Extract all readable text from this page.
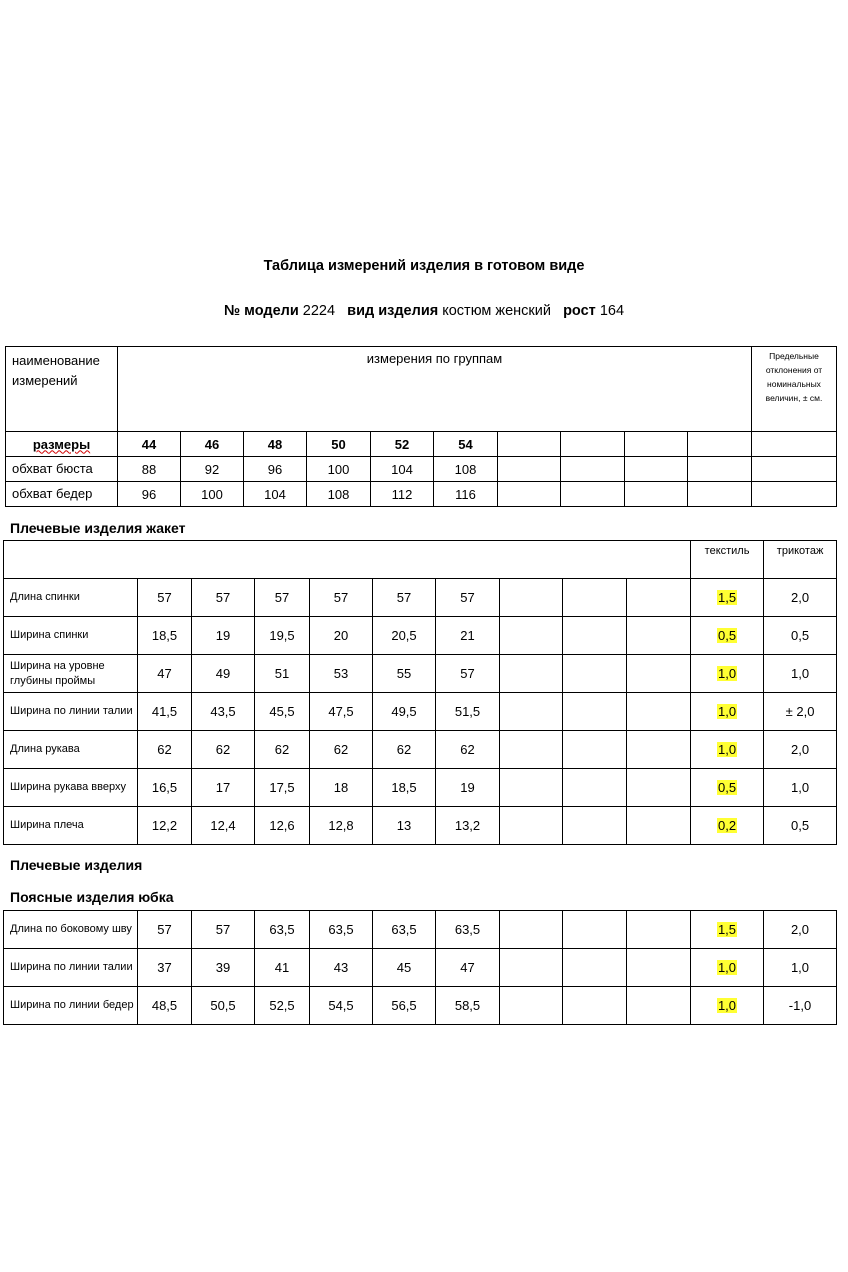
Таблица измерений изделия в готовом виде
№ модели 2224 вид изделия костюм женский рост 164
наименование измерений	измерения по группам										Предельные отклонения от номинальных величин, ± см.
размеры	44	46	48	50	52	54					
обхват бюста	88	92	96	100	104	108					
обхват бедер	96	100	104	108	112	116					
Плечевые изделия жакет
										текстиль	трикотаж
Длина спинки	57	57	57	57	57	57				1,5	2,0
Ширина спинки	18,5	19	19,5	20	20,5	21				0,5	0,5
Ширина на уровне глубины проймы	47	49	51	53	55	57				1,0	1,0
Ширина по линии талии	41,5	43,5	45,5	47,5	49,5	51,5				1,0	± 2,0
Длина рукава	62	62	62	62	62	62				1,0	2,0
Ширина рукава вверху	16,5	17	17,5	18	18,5	19				0,5	1,0
Ширина плеча	12,2	12,4	12,6	12,8	13	13,2				0,2	0,5
Плечевые изделия
Поясные изделия юбка
Длина по боковому шву	57	57	63,5	63,5	63,5	63,5				1,5	2,0
Ширина по линии талии	37	39	41	43	45	47				1,0	1,0
Ширина по линии бедер	48,5	50,5	52,5	54,5	56,5	58,5				1,0	-1,0
